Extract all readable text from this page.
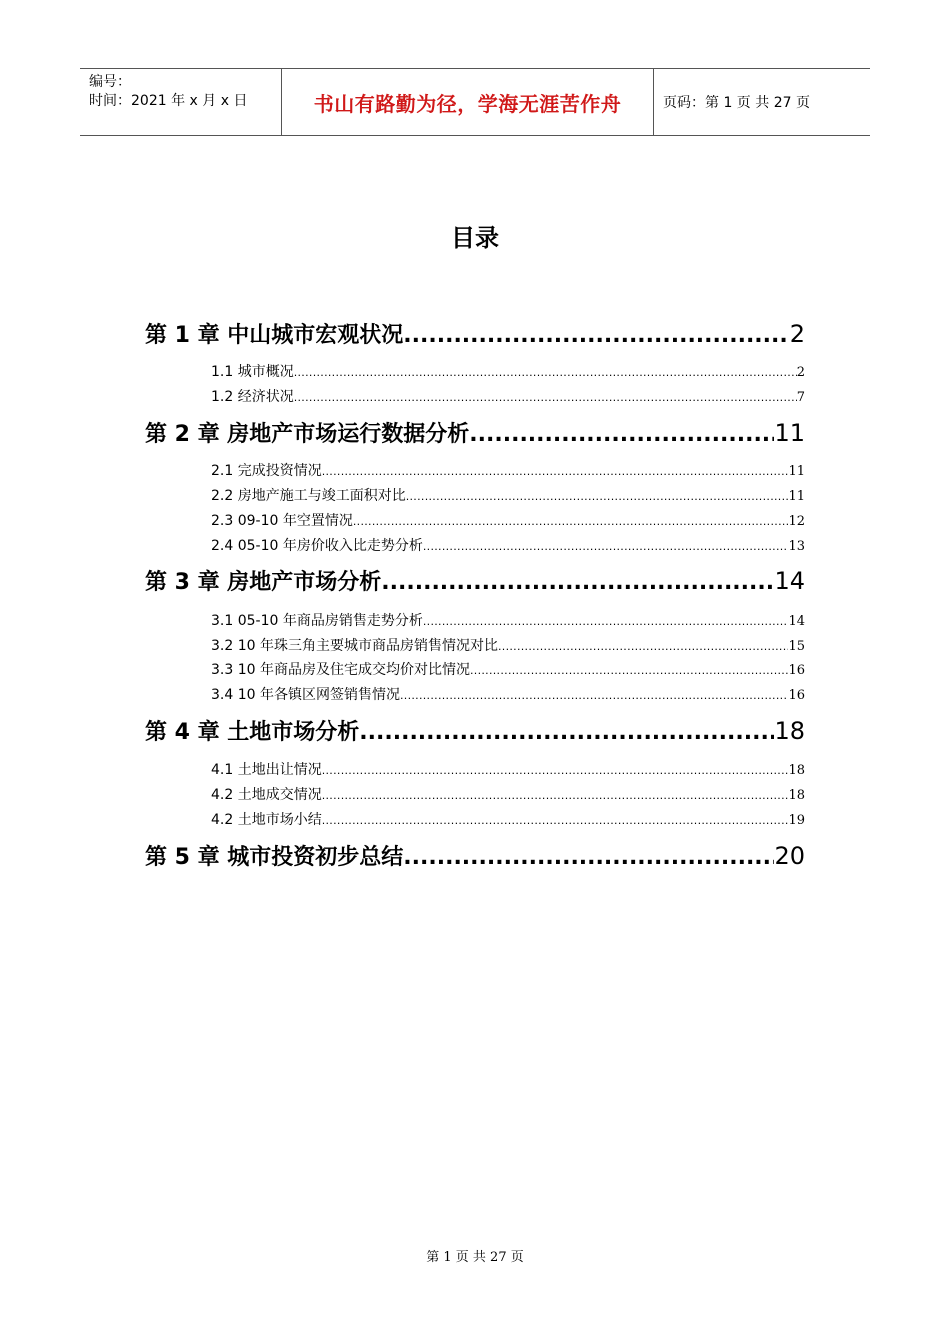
编号：
时间：2021 年 x 月 x 日	书山有路勤为径，学海无涯苦作舟	页码：第 1 页 共 27 页
目录
第 1 章 中山城市宏观状况 .....	2
1.1 城市概况 .....	2
1.2 经济状况 .....	7
第 2 章 房地产市场运行数据分析 .....	11
2.1 完成投资情况 .....	11
2.2 房地产施工与竣工面积对比 .....	11
2.3 09-10 年空置情况 .....	12
2.4 05-10 年房价收入比走势分析 .....	13
第 3 章 房地产市场分析 .....	14
3.1 05-10 年商品房销售走势分析 .....	14
3.2 10 年珠三角主要城市商品房销售情况对比 .....	15
3.3 10 年商品房及住宅成交均价对比情况 .....	16
3.4 10 年各镇区网签销售情况 .....	16
第 4 章 土地市场分析 .....	18
4.1 土地出让情况 .....	18
4.2 土地成交情况 .....	18
4.2 土地市场小结 .....	19
第 5 章 城市投资初步总结 .....	20
第 1 页 共 27 页
